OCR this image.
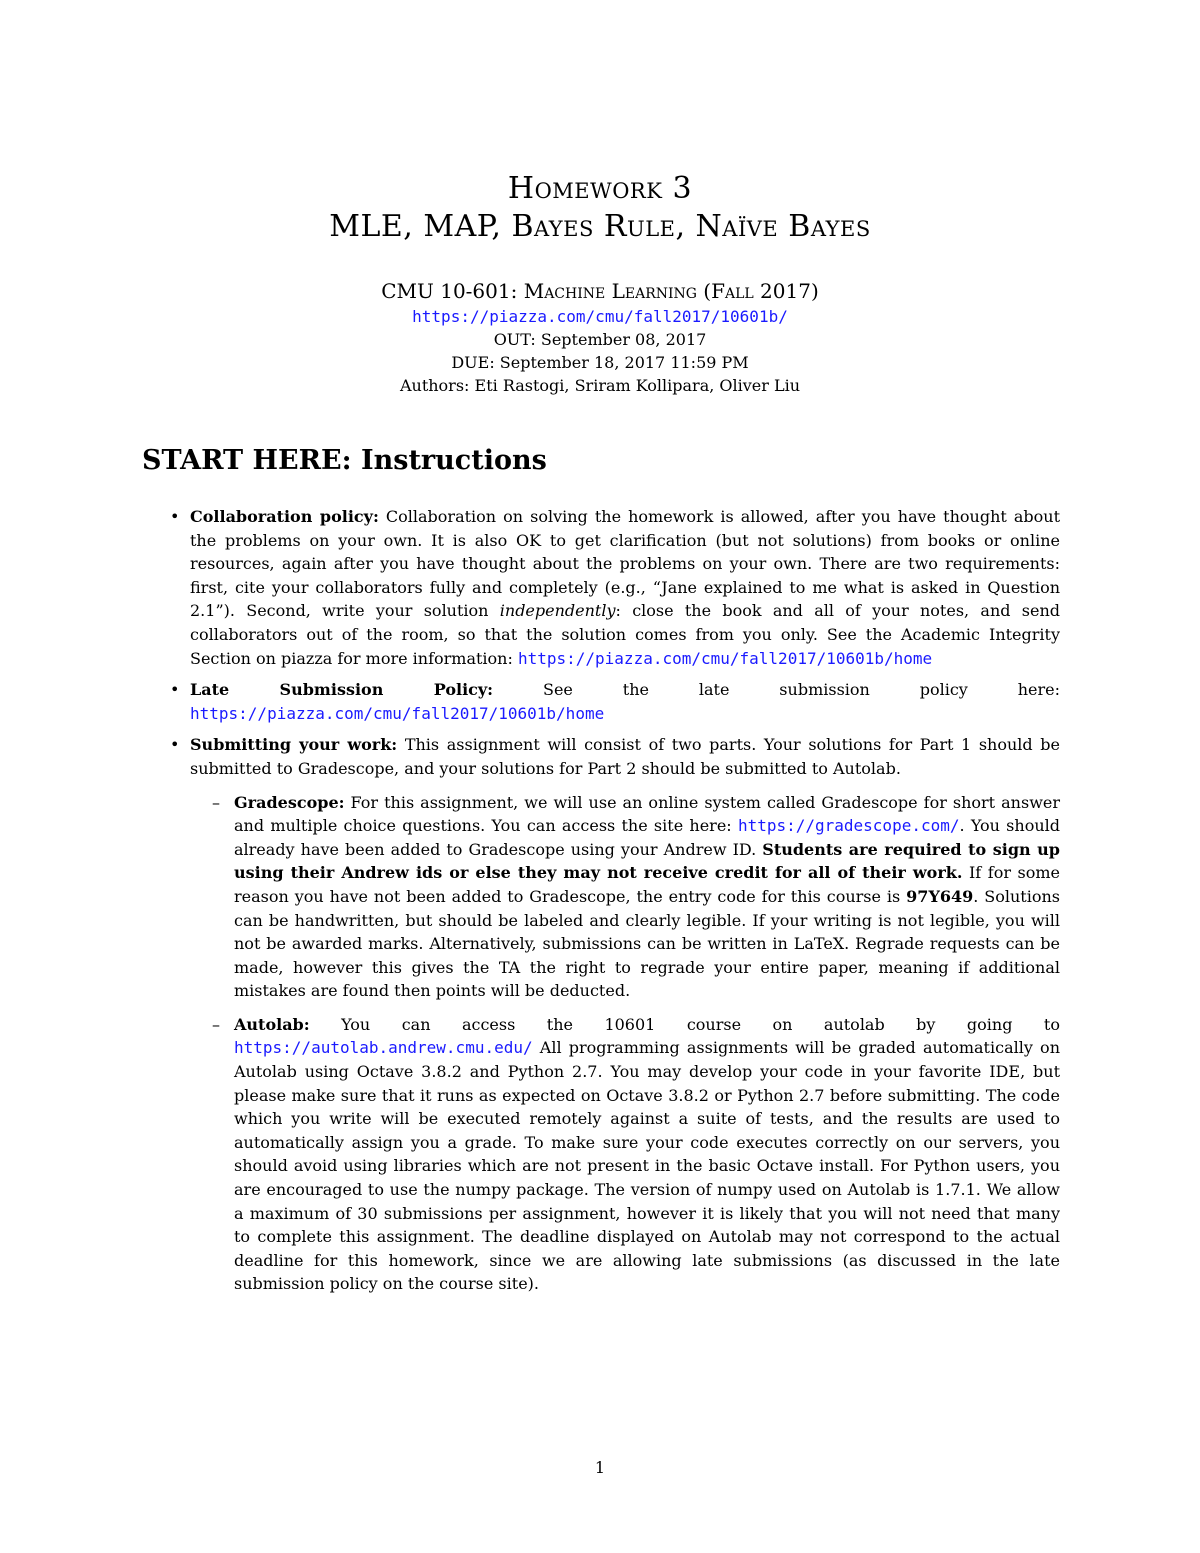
Homework 3
MLE, MAP, Bayes Rule, Naïve Bayes
CMU 10-601: Machine Learning (Fall 2017)
https://piazza.com/cmu/fall2017/10601b/
OUT: September 08, 2017
DUE: September 18, 2017 11:59 PM
Authors: Eti Rastogi, Sriram Kollipara, Oliver Liu
START HERE: Instructions
• Collaboration policy: Collaboration on solving the homework is allowed, after you have thought about the problems on your own. It is also OK to get clarification (but not solutions) from books or online resources, again after you have thought about the problems on your own. There are two requirements: first, cite your collaborators fully and completely (e.g., “Jane explained to me what is asked in Question 2.1”). Second, write your solution independently: close the book and all of your notes, and send collaborators out of the room, so that the solution comes from you only. See the Academic Integrity Section on piazza for more information: https://piazza.com/cmu/fall2017/10601b/home
• Late Submission Policy: See the late submission policy here: https://piazza.com/cmu/fall2017/10601b/home
• Submitting your work: This assignment will consist of two parts. Your solutions for Part 1 should be submitted to Gradescope, and your solutions for Part 2 should be submitted to Autolab.
– Gradescope: For this assignment, we will use an online system called Gradescope for short answer and multiple choice questions. You can access the site here: https://gradescope.com/. You should already have been added to Gradescope using your Andrew ID. Students are required to sign up using their Andrew ids or else they may not receive credit for all of their work. If for some reason you have not been added to Gradescope, the entry code for this course is 97Y649. Solutions can be handwritten, but should be labeled and clearly legible. If your writing is not legible, you will not be awarded marks. Alternatively, submissions can be written in LaTeX. Regrade requests can be made, however this gives the TA the right to regrade your entire paper, meaning if additional mistakes are found then points will be deducted.
– Autolab: You can access the 10601 course on autolab by going to https://autolab.andrew.cmu.edu/ All programming assignments will be graded automatically on Autolab using Octave 3.8.2 and Python 2.7. You may develop your code in your favorite IDE, but please make sure that it runs as expected on Octave 3.8.2 or Python 2.7 before submitting. The code which you write will be executed remotely against a suite of tests, and the results are used to automatically assign you a grade. To make sure your code executes correctly on our servers, you should avoid using libraries which are not present in the basic Octave install. For Python users, you are encouraged to use the numpy package. The version of numpy used on Autolab is 1.7.1. We allow a maximum of 30 submissions per assignment, however it is likely that you will not need that many to complete this assignment. The deadline displayed on Autolab may not correspond to the actual deadline for this homework, since we are allowing late submissions (as discussed in the late submission policy on the course site).
1
